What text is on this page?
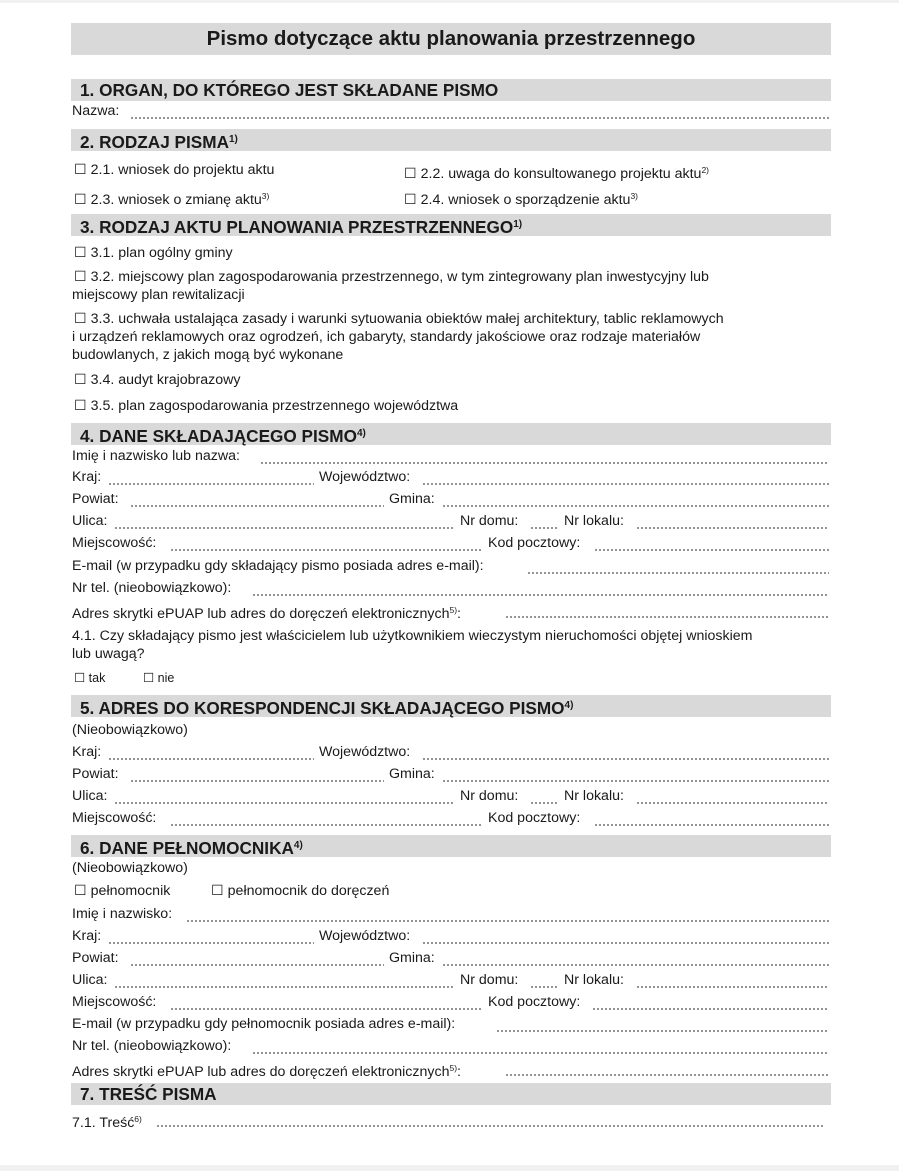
Pismo dotyczące aktu planowania przestrzennego
1. ORGAN, DO KTÓREGO JEST SKŁADANE PISMO
Nazwa:
2. RODZAJ PISMA$^{1)}$
☐ 2.1. wniosek do projektu aktu	☐ 2.2. uwaga do konsultowanego projektu aktu$^{2)}$
☐ 2.3. wniosek o zmianę aktu$^{3)}$	☐ 2.4. wniosek o sporządzenie aktu$^{3)}$
3. RODZAJ AKTU PLANOWANIA PRZESTRZENNEGO$^{1)}$
☐ 3.1. plan ogólny gminy
☐ 3.2. miejscowy plan zagospodarowania przestrzennego, w tym zintegrowany plan inwestycyjny lub
miejscowy plan rewitalizacji
☐ 3.3. uchwała ustalająca zasady i warunki sytuowania obiektów małej architektury, tablic reklamowych
i urządzeń reklamowych oraz ogrodzeń, ich gabaryty, standardy jakościowe oraz rodzaje materiałów
budowlanych, z jakich mogą być wykonane
☐ 3.4. audyt krajobrazowy
☐ 3.5. plan zagospodarowania przestrzennego województwa
4. DANE SKŁADAJĄCEGO PISMO$^{4)}$
Imię i nazwisko lub nazwa:
Kraj:	Województwo:
Powiat:	Gmina:
Ulica:	Nr domu:	Nr lokalu:
Miejscowość:	Kod pocztowy:
E-mail (w przypadku gdy składający pismo posiada adres e-mail):
Nr tel. (nieobowiązkowo):
Adres skrytki ePUAP lub adres do doręczeń elektronicznych$^{5)}$:
4.1. Czy składający pismo jest właścicielem lub użytkownikiem wieczystym nieruchomości objętej wnioskiem
lub uwagą?
☐ tak	☐ nie
5. ADRES DO KORESPONDENCJI SKŁADAJĄCEGO PISMO$^{4)}$
(Nieobowiązkowo)
Kraj:	Województwo:
Powiat:	Gmina:
Ulica:	Nr domu:	Nr lokalu:
Miejscowość:	Kod pocztowy:
6. DANE PEŁNOMOCNIKA$^{4)}$
(Nieobowiązkowo)
☐ pełnomocnik	☐ pełnomocnik do doręczeń
Imię i nazwisko:
Kraj:	Województwo:
Powiat:	Gmina:
Ulica:	Nr domu:	Nr lokalu:
Miejscowość:	Kod pocztowy:
E-mail (w przypadku gdy pełnomocnik posiada adres e-mail):
Nr tel. (nieobowiązkowo):
Adres skrytki ePUAP lub adres do doręczeń elektronicznych$^{5)}$:
7. TREŚĆ PISMA
7.1. Treść$^{6)}$
